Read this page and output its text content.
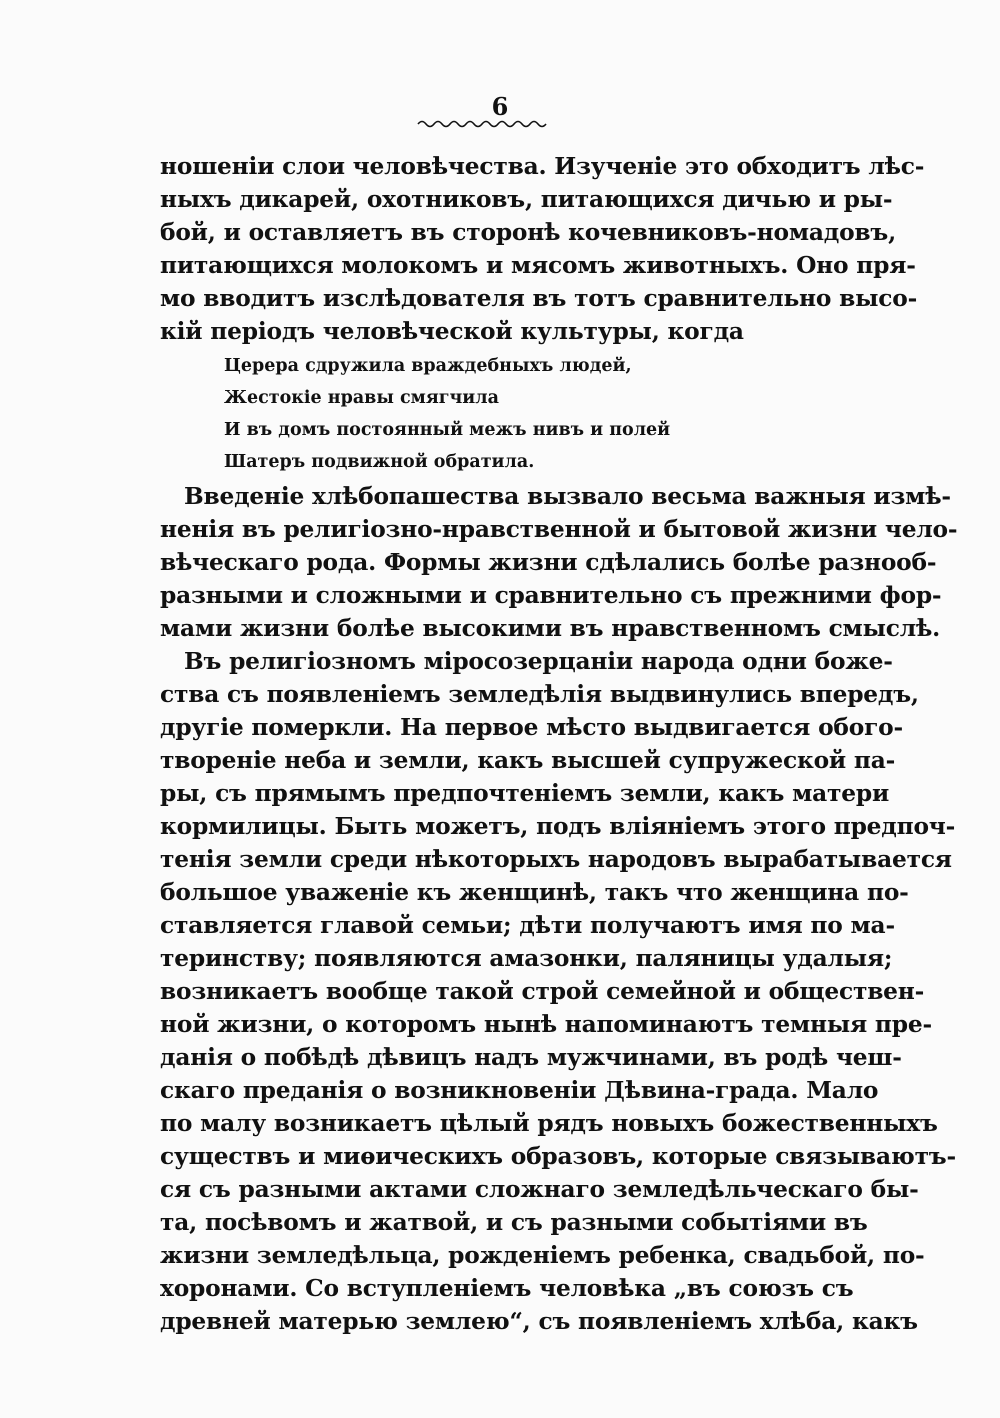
6
ношенiи слои человѣчества. Изученiе это обходитъ лѣс-
ныхъ дикарей, охотниковъ, питающихся дичью и ры-
бой, и оставляетъ въ сторонѣ кочевниковъ-номадовъ,
питающихся молокомъ и мясомъ животныхъ. Оно пря-
мо вводитъ изслѣдователя въ тотъ сравнительно высо-
кiй перiодъ человѣческой культуры, когда
Церера сдружила враждебныхъ людей,
Жестокiе нравы смягчила
И въ домъ постоянный межъ нивъ и полей
Шатеръ подвижной обратила.
Введенiе хлѣбопашества вызвало весьма важныя измѣ-
ненiя въ религiозно-нравственной и бытовой жизни чело-
вѣческаго рода. Формы жизни сдѣлались болѣе разнооб-
разными и сложными и сравнительно съ прежними фор-
мами жизни болѣе высокими въ нравственномъ смыслѣ.
Въ религiозномъ мiросозерцанiи народа одни боже-
ства съ появленiемъ земледѣлiя выдвинулись впередъ,
другiе померкли. На первое мѣсто выдвигается обого-
творенiе неба и земли, какъ высшей супружеской па-
ры, съ прямымъ предпочтенiемъ земли, какъ матери
кормилицы. Быть можетъ, подъ влiянiемъ этого предпоч-
тенiя земли среди нѣкоторыхъ народовъ вырабатывается
большое уваженiе къ женщинѣ, такъ что женщина по-
ставляется главой семьи; дѣти получаютъ имя по ма-
теринству; появляются амазонки, паляницы удалыя;
возникаетъ вообще такой строй семейной и обществен-
ной жизни, о которомъ нынѣ напоминаютъ темныя пре-
данiя о побѣдѣ дѣвицъ надъ мужчинами, въ родѣ чеш-
скаго преданiя о возникновенiи Дѣвина-града. Мало
по малу возникаетъ цѣлый рядъ новыхъ божественныхъ
существъ и миѳическихъ образовъ, которые связываютъ-
ся съ разными актами сложнаго земледѣльческаго бы-
та, посѣвомъ и жатвой, и съ разными событiями въ
жизни земледѣльца, рожденiемъ ребенка, свадьбой, по-
хоронами. Со вступленiемъ человѣка „въ союзъ съ
древней матерью землею“, съ появленiемъ хлѣба, какъ
